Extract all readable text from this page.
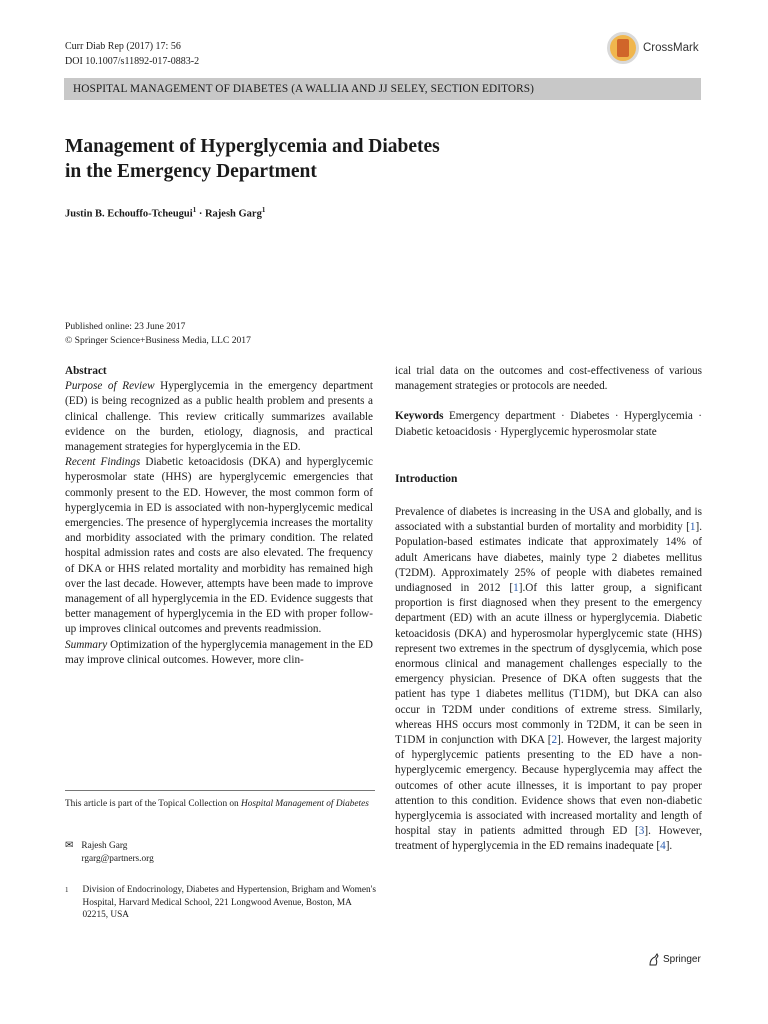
Curr Diab Rep (2017) 17: 56
DOI 10.1007/s11892-017-0883-2
CrossMark
HOSPITAL MANAGEMENT OF DIABETES (A WALLIA AND JJ SELEY, SECTION EDITORS)
Management of Hyperglycemia and Diabetes
in the Emergency Department
Justin B. Echouffo-Tcheugui$^1$ · Rajesh Garg$^1$
Published online: 23 June 2017
© Springer Science+Business Media, LLC 2017

Abstract

Purpose of Review Hyperglycemia in the emergency department (ED) is being recognized as a public health problem and presents a clinical challenge. This review critically summarizes available evidence on the burden, etiology, diagnosis, and practical management strategies for hyperglycemia in the ED.

Recent Findings Diabetic ketoacidosis (DKA) and hyperglycemic hyperosmolar state (HHS) are hyperglycemic emergencies that commonly present to the ED. However, the most common form of hyperglycemia in ED is associated with non-hyperglycemic medical emergencies. The presence of hyperglycemia increases the mortality and morbidity associated with the primary condition. The related hospital admission rates and costs are also elevated. The frequency of DKA or HHS related mortality and morbidity has remained high over the last decade. However, attempts have been made to improve management of all hyperglycemia in the ED. Evidence suggests that better management of hyperglycemia in the ED with proper follow-up improves clinical outcomes and prevents readmission.

Summary Optimization of the hyperglycemia management in the ED may improve clinical outcomes. However, more clin-

ical trial data on the outcomes and cost-effectiveness of various management strategies or protocols are needed.

Keywords Emergency department · Diabetes · Hyperglycemia · Diabetic ketoacidosis · Hyperglycemic hyperosmolar state

Introduction

Prevalence of diabetes is increasing in the USA and globally, and is associated with a substantial burden of mortality and morbidity [1]. Population-based estimates indicate that approximately 14% of adult Americans have diabetes, mainly type 2 diabetes mellitus (T2DM). Approximately 25% of people with diabetes remained undiagnosed in 2012 [1].Of this latter group, a significant proportion is first diagnosed when they present to the emergency department (ED) with an acute illness or hyperglycemia. Diabetic ketoacidosis (DKA) and hyperosmolar hyperglycemic state (HHS) represent two extremes in the spectrum of dysglycemia, which pose enormous clinical and management challenges especially to the emergency physician. Presence of DKA often suggests that the patient has type 1 diabetes mellitus (T1DM), but DKA can also occur in T2DM under conditions of extreme stress. Similarly, whereas HHS occurs most commonly in T2DM, it can be seen in T1DM in conjunction with DKA [2]. However, the largest majority of hyperglycemic patients presenting to the ED have a non-hyperglycemic emergency. Because hyperglycemia may affect the outcomes of other acute illnesses, it is important to pay proper attention to this condition. Evidence shows that even non-diabetic hyperglycemia is associated with increased mortality and length of hospital stay in patients admitted through ED [3]. However, treatment of hyperglycemia in the ED remains inadequate [4].

This article is part of the Topical Collection on Hospital Management of Diabetes
✉ Rajesh Garg
rgarg@partners.org
1 Division of Endocrinology, Diabetes and Hypertension, Brigham and Women's Hospital, Harvard Medical School, 221 Longwood Avenue, Boston, MA 02215, USA
Springer
